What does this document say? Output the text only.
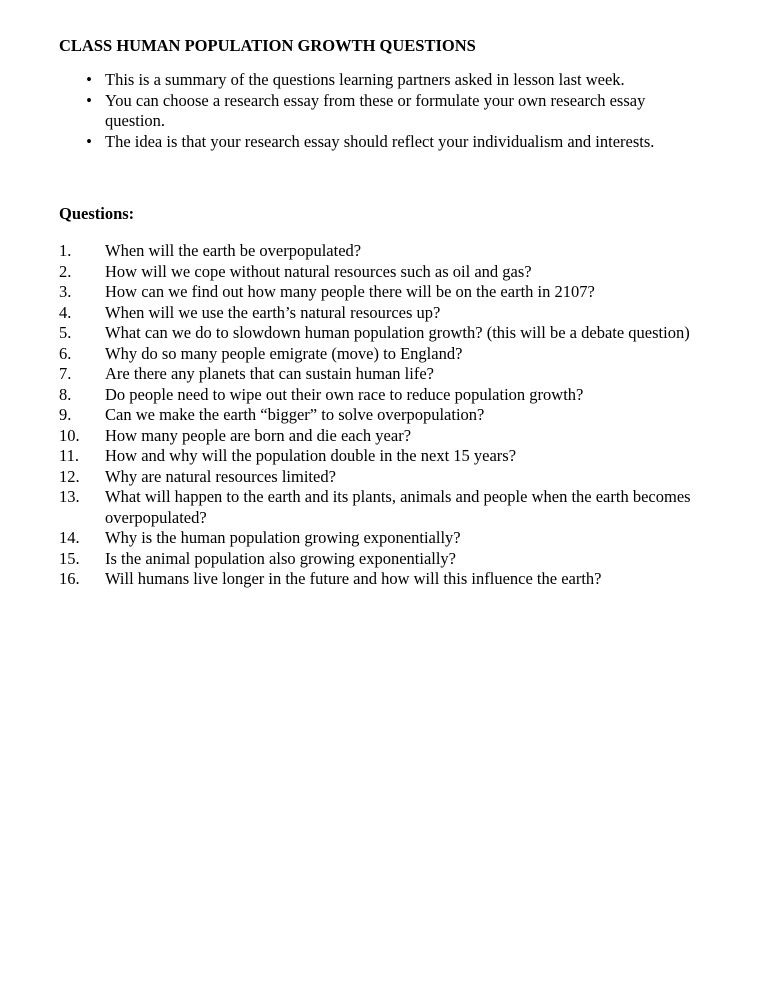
CLASS HUMAN POPULATION GROWTH QUESTIONS
• This is a summary of the questions learning partners asked in lesson last week.
• You can choose a research essay from these or formulate your own research essay question.
• The idea is that your research essay should reflect your individualism and interests.
Questions:
1. When will the earth be overpopulated?
2. How will we cope without natural resources such as oil and gas?
3. How can we find out how many people there will be on the earth in 2107?
4. When will we use the earth’s natural resources up?
5. What can we do to slowdown human population growth? (this will be a debate question)
6. Why do so many people emigrate (move) to England?
7. Are there any planets that can sustain human life?
8. Do people need to wipe out their own race to reduce population growth?
9. Can we make the earth “bigger” to solve overpopulation?
10. How many people are born and die each year?
11. How and why will the population double in the next 15 years?
12. Why are natural resources limited?
13. What will happen to the earth and its plants, animals and people when the earth becomes overpopulated?
14. Why is the human population growing exponentially?
15. Is the animal population also growing exponentially?
16. Will humans live longer in the future and how will this influence the earth?
